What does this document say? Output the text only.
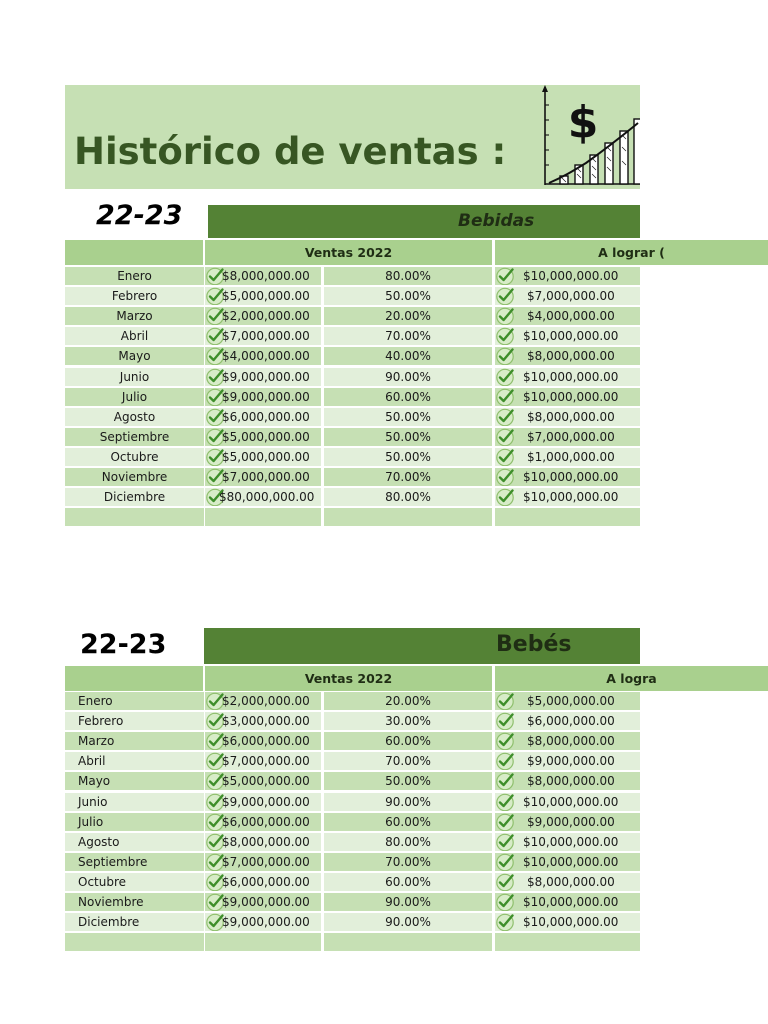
Histórico de ventas :
$
22-23	Bebidas
Ventas 2022	A lograr (
Enero	$8,000,000.00	80.00%	$10,000,000.00
Febrero	$5,000,000.00	50.00%	$7,000,000.00
Marzo	$2,000,000.00	20.00%	$4,000,000.00
Abril	$7,000,000.00	70.00%	$10,000,000.00
Mayo	$4,000,000.00	40.00%	$8,000,000.00
Junio	$9,000,000.00	90.00%	$10,000,000.00
Julio	$9,000,000.00	60.00%	$10,000,000.00
Agosto	$6,000,000.00	50.00%	$8,000,000.00
Septiembre	$5,000,000.00	50.00%	$7,000,000.00
Octubre	$5,000,000.00	50.00%	$1,000,000.00
Noviembre	$7,000,000.00	70.00%	$10,000,000.00
Diciembre	$80,000,000.00	80.00%	$10,000,000.00
22-23	Bebés
Ventas 2022	A logra
Enero	$2,000,000.00	20.00%	$5,000,000.00
Febrero	$3,000,000.00	30.00%	$6,000,000.00
Marzo	$6,000,000.00	60.00%	$8,000,000.00
Abril	$7,000,000.00	70.00%	$9,000,000.00
Mayo	$5,000,000.00	50.00%	$8,000,000.00
Junio	$9,000,000.00	90.00%	$10,000,000.00
Julio	$6,000,000.00	60.00%	$9,000,000.00
Agosto	$8,000,000.00	80.00%	$10,000,000.00
Septiembre	$7,000,000.00	70.00%	$10,000,000.00
Octubre	$6,000,000.00	60.00%	$8,000,000.00
Noviembre	$9,000,000.00	90.00%	$10,000,000.00
Diciembre	$9,000,000.00	90.00%	$10,000,000.00
